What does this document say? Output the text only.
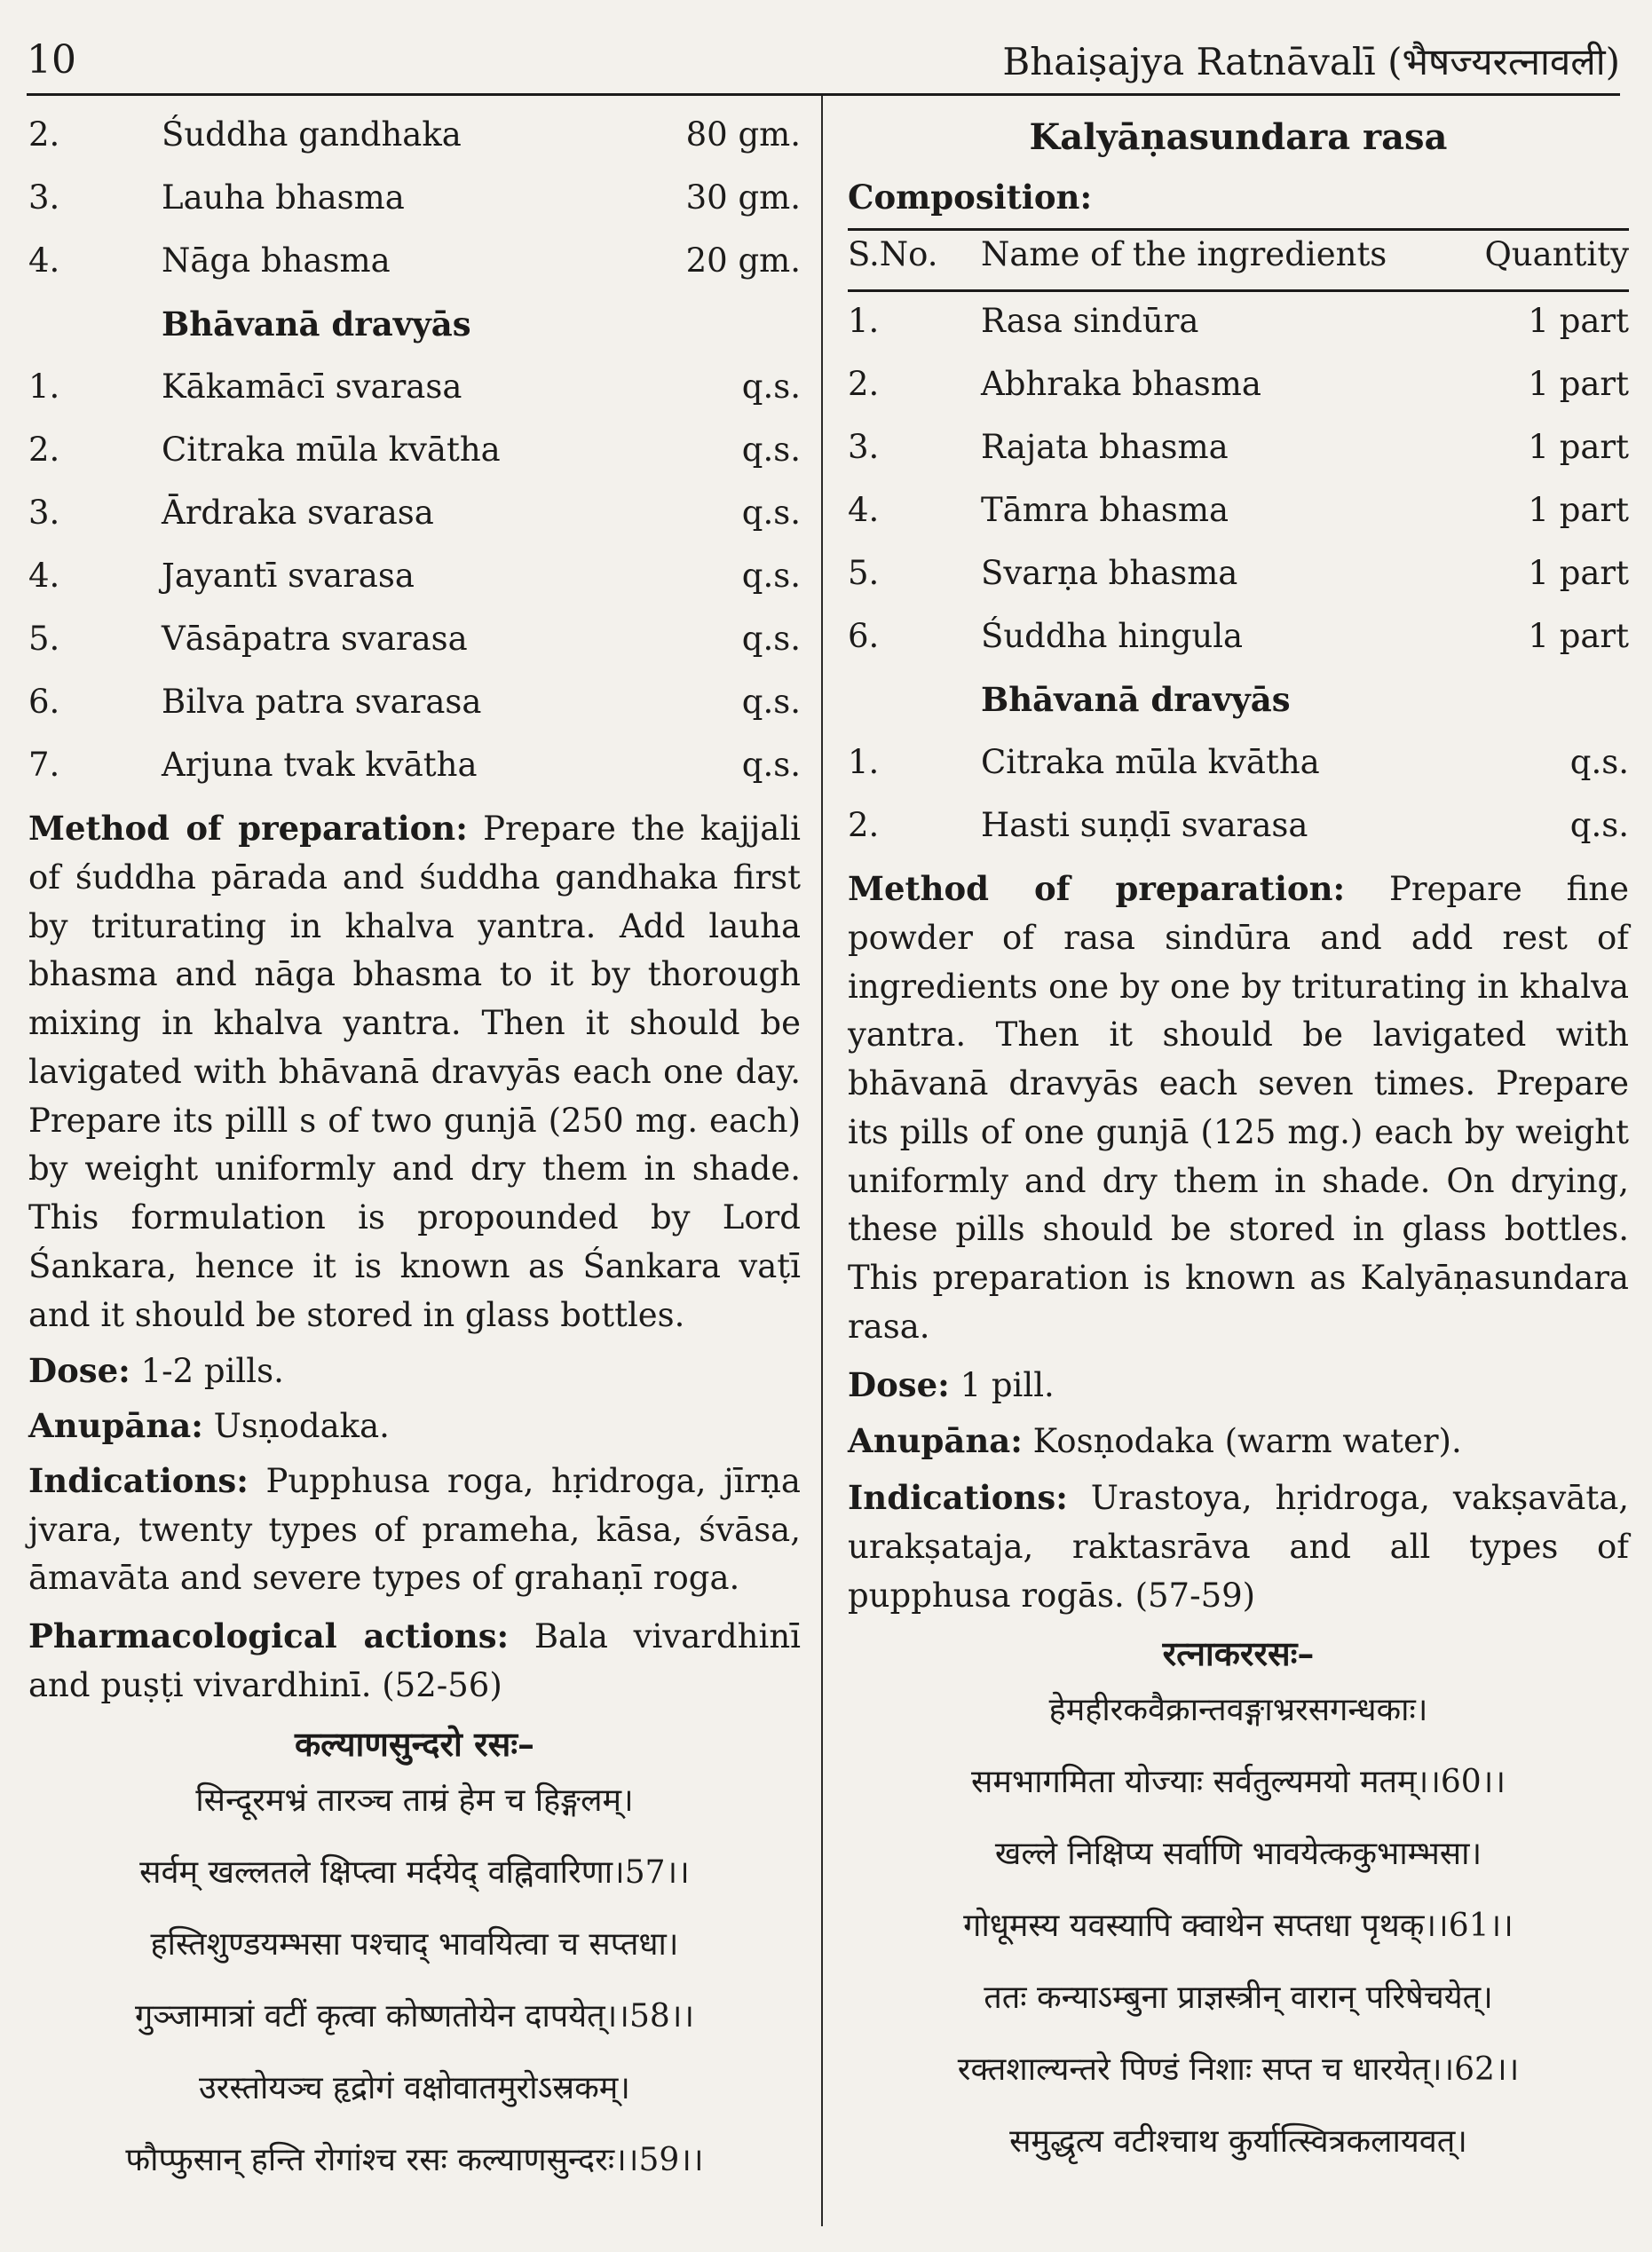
10	Bhaiṣajya Ratnāvalī (भैषज्यरत्नावली)
2.	Śuddha gandhaka	80 gm.
3.	Lauha bhasma	30 gm.
4.	Nāga bhasma	20 gm.
Bhāvanā dravyās
1.	Kākamācī svarasa	q.s.
2.	Citraka mūla kvātha	q.s.
3.	Ārdraka svarasa	q.s.
4.	Jayantī svarasa	q.s.
5.	Vāsāpatra svarasa	q.s.
6.	Bilva patra svarasa	q.s.
7.	Arjuna tvak kvātha	q.s.

Method of preparation: Prepare the kajjali of śuddha pārada and śuddha gandhaka first by triturating in khalva yantra. Add lauha bhasma and nāga bhasma to it by thorough mixing in khalva yantra. Then it should be lavigated with bhāvanā dravyās each one day. Prepare its pilll s of two gunjā (250 mg. each) by weight uniformly and dry them in shade. This formulation is propounded by Lord Śankara, hence it is known as Śankara vaṭī and it should be stored in glass bottles.

Dose: 1-2 pills.

Anupāna: Usṇodaka.

Indications: Pupphusa roga, hṛidroga, jīrṇa jvara, twenty types of prameha, kāsa, śvāsa, āmavāta and severe types of grahaṇī roga.

Pharmacological actions: Bala vivardhinī and puṣṭi vivardhinī. (52-56)

कल्याणसुन्दरो रसः–

सिन्दूरमभ्रं तारञ्च ताम्रं हेम च हिङ्गलम्।

सर्वम् खल्लतले क्षिप्त्वा मर्दयेद् वह्निवारिणा।57।।

हस्तिशुण्डयम्भसा पश्चाद् भावयित्वा च सप्तधा।

गुञ्जामात्रां वटीं कृत्वा कोष्णतोयेन दापयेत्।।58।।

उरस्तोयञ्च हृद्रोगं वक्षोवातमुरोऽस्रकम्।

फौप्फुसान् हन्ति रोगांश्च रसः कल्याणसुन्दरः।।59।।

Kalyāṇasundara rasa
Composition:
S.No.	Name of the ingredients	Quantity
1.	Rasa sindūra	1 part
2.	Abhraka bhasma	1 part
3.	Rajata bhasma	1 part
4.	Tāmra bhasma	1 part
5.	Svarṇa bhasma	1 part
6.	Śuddha hingula	1 part
Bhāvanā dravyās
1.	Citraka mūla kvātha	q.s.
2.	Hasti suṇḍī svarasa	q.s.

Method of preparation: Prepare fine powder of rasa sindūra and add rest of ingredients one by one by triturating in khalva yantra. Then it should be lavigated with bhāvanā dravyās each seven times. Prepare its pills of one gunjā (125 mg.) each by weight uniformly and dry them in shade. On drying, these pills should be stored in glass bottles. This preparation is known as Kalyāṇasundara rasa.

Dose: 1 pill.

Anupāna: Kosṇodaka (warm water).

Indications: Urastoya, hṛidroga, vakṣavāta, urakṣataja, raktasrāva and all types of pupphusa rogās. (57-59)

रत्नाकररसः–

हेमहीरकवैक्रान्तवङ्गाभ्ररसगन्धकाः।

समभागमिता योज्याः सर्वतुल्यमयो मतम्।।60।।

खल्ले निक्षिप्य सर्वाणि भावयेत्ककुभाम्भसा।

गोधूमस्य यवस्यापि क्वाथेन सप्तधा पृथक्।।61।।

ततः कन्याऽम्बुना प्राज्ञस्त्रीन् वारान् परिषेचयेत्।

रक्तशाल्यन्तरे पिण्डं निशाः सप्त च धारयेत्।।62।।

समुद्धृत्य वटीश्चाथ कुर्यात्स्वित्रकलायवत्।
